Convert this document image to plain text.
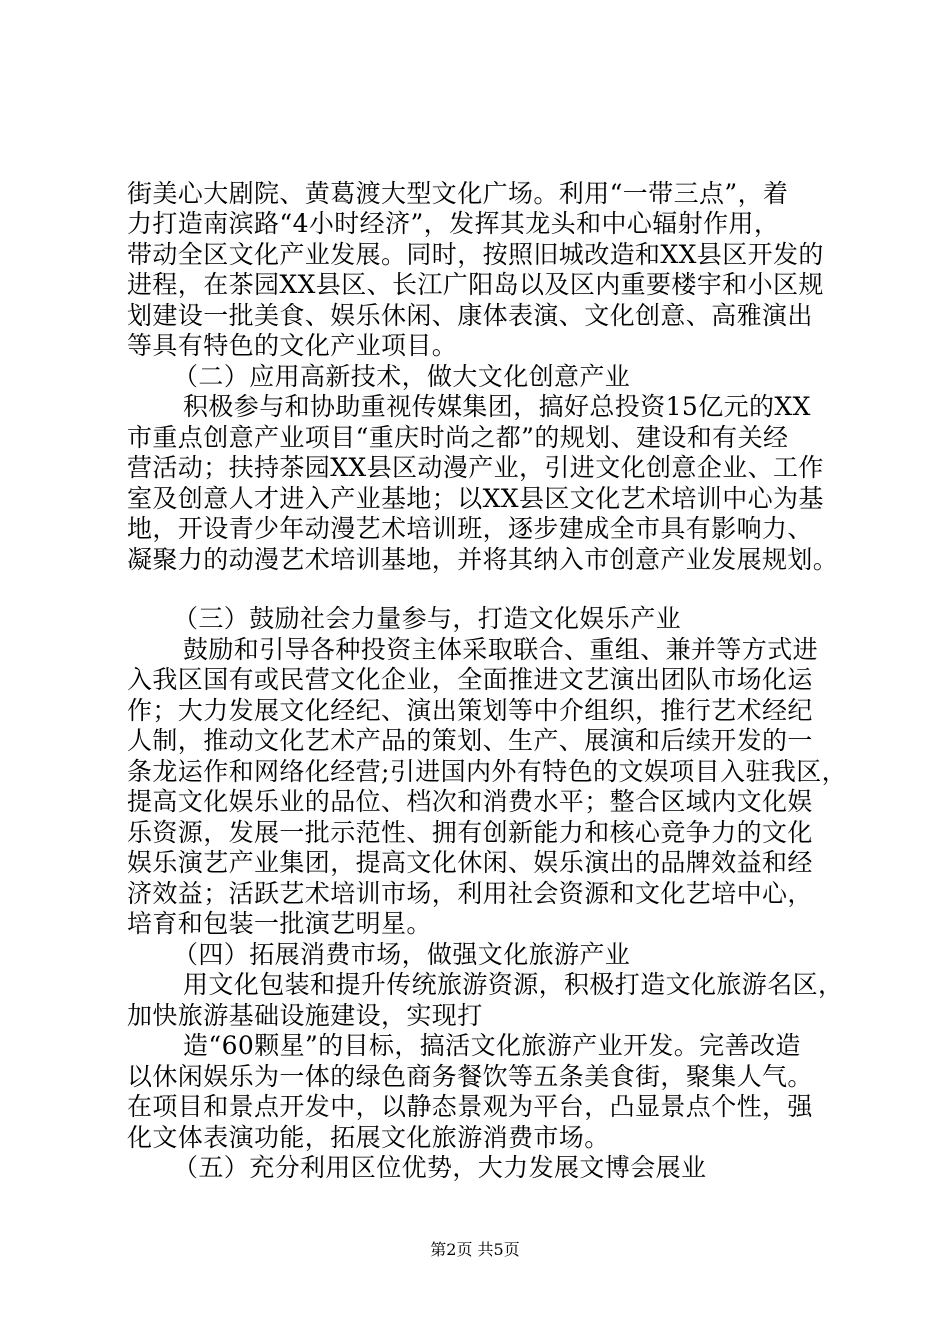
街美心大剧院、黄葛渡大型文化广场。利用“一带三点”，着
力打造南滨路“4小时经济”，发挥其龙头和中心辐射作用，
带动全区文化产业发展。同时，按照旧城改造和XX县区开发的
进程，在茶园XX县区、长江广阳岛以及区内重要楼宇和小区规
划建设一批美食、娱乐休闲、康体表演、文化创意、高雅演出
等具有特色的文化产业项目。
（二）应用高新技术，做大文化创意产业
积极参与和协助重视传媒集团，搞好总投资15亿元的XX
市重点创意产业项目“重庆时尚之都”的规划、建设和有关经
营活动；扶持茶园XX县区动漫产业，引进文化创意企业、工作
室及创意人才进入产业基地；以XX县区文化艺术培训中心为基
地，开设青少年动漫艺术培训班，逐步建成全市具有影响力、
凝聚力的动漫艺术培训基地，并将其纳入市创意产业发展规划。
（三）鼓励社会力量参与，打造文化娱乐产业
鼓励和引导各种投资主体采取联合、重组、兼并等方式进
入我区国有或民营文化企业，全面推进文艺演出团队市场化运
作；大力发展文化经纪、演出策划等中介组织，推行艺术经纪
人制，推动文化艺术产品的策划、生产、展演和后续开发的一
条龙运作和网络化经营;引进国内外有特色的文娱项目入驻我区，
提高文化娱乐业的品位、档次和消费水平；整合区域内文化娱
乐资源，发展一批示范性、拥有创新能力和核心竞争力的文化
娱乐演艺产业集团，提高文化休闲、娱乐演出的品牌效益和经
济效益；活跃艺术培训市场，利用社会资源和文化艺培中心，
培育和包装一批演艺明星。
（四）拓展消费市场，做强文化旅游产业
用文化包装和提升传统旅游资源，积极打造文化旅游名区，
加快旅游基础设施建设，实现打
造“60颗星”的目标，搞活文化旅游产业开发。完善改造
以休闲娱乐为一体的绿色商务餐饮等五条美食街，聚集人气。
在项目和景点开发中，以静态景观为平台，凸显景点个性，强
化文体表演功能，拓展文化旅游消费市场。
（五）充分利用区位优势，大力发展文博会展业
第2页 共5页
